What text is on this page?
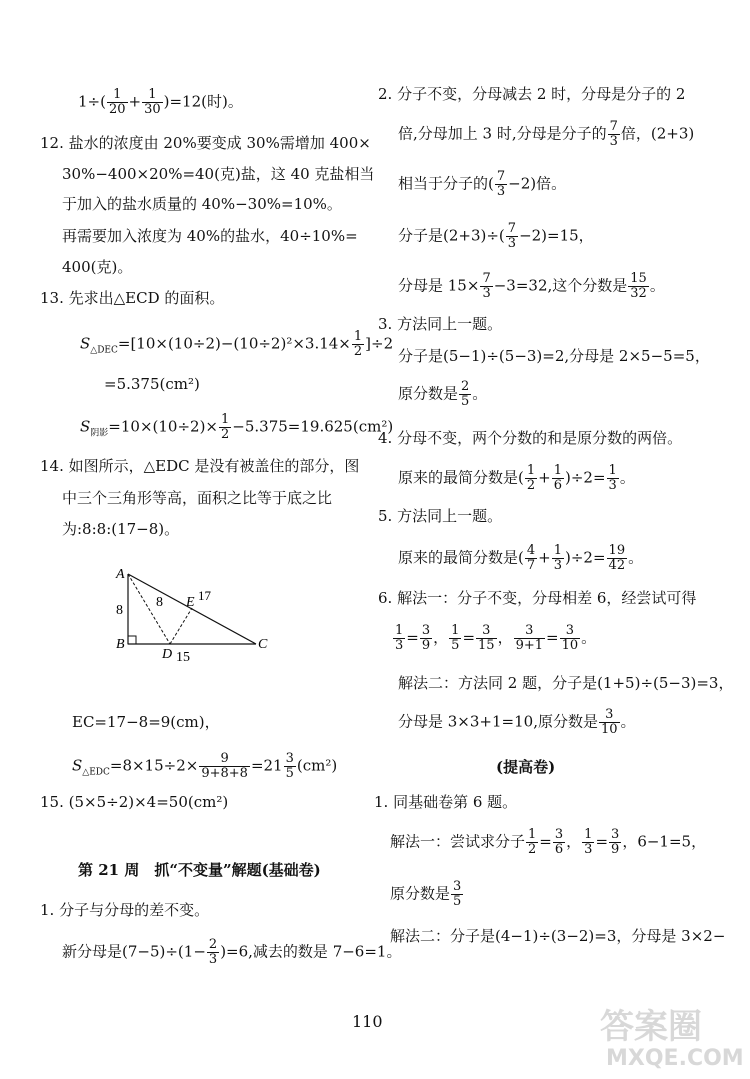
$1\div( \frac{1}{20} + \frac{1}{30} )=12$(时)。
12. 盐水的浓度由 20%要变成 30%需增加 400×
30%−400×20%=40(克)盐，这 40 克盐相当
于加入的盐水质量的 40%−30%=10%。
再需要加入浓度为 40%的盐水，40÷10%=
400(克)。
13. 先求出△ECD 的面积。
$S_{\triangle DEC}=[10\times(10\div 2)-(10\div 2)^2\times 3.14\times \frac{1}{2} ]\div 2$
=5.375(cm²)
$S_{阴影}=10\times(10\div 2)\times \frac{1}{2} -5.375=19.625(cm^2)$
14. 如图所示，△EDC 是没有被盖住的部分，图
中三个三角形等高，面积之比等于底之比
为:8:8:(17−8)。
A
B	C
D
E
8
8	17
15
EC=17−8=9(cm)，
$S_{\triangle EDC}=8\times 15\div 2\times \frac{9}{9+8+8} =21 \frac{3}{5} (cm^2)$
15. (5×5÷2)×4=50(cm²)
第 21 周　抓“不变量”解题(基础卷)
1. 分子与分母的差不变。
新分母是$(7-5)\div(1- \frac{2}{3} )=6$,减去的数是 7−6=1。
2. 分子不变，分母减去 2 时，分母是分子的 2
倍,分母加上 3 时,分母是分子的 $\frac{7}{3}$ 倍，(2+3)
相当于分子的( $\frac{7}{3} -2$)倍。
分子是$(2+3)\div( \frac{7}{3} -2)=15$，
分母是 $15\times \frac{7}{3} -3=32$,这个分数是 $\frac{15}{32}$ 。
3. 方法同上一题。
分子是(5−1)÷(5−3)=2,分母是 2×5−5=5，
原分数是 $\frac{2}{5}$ 。
4. 分母不变，两个分数的和是原分数的两倍。
原来的最简分数是( $\frac{1}{2} + \frac{1}{6} )\div 2= \frac{1}{3}$ 。
5. 方法同上一题。
原来的最简分数是( $\frac{4}{7} + \frac{1}{3} )\div 2= \frac{19}{42}$ 。
6. 解法一：分子不变，分母相差 6，经尝试可得
$\frac{1}{3} = \frac{3}{9}$ ， $\frac{1}{5} = \frac{3}{15}$ ， $\frac{3}{9+1} = \frac{3}{10}$ 。
解法二：方法同 2 题，分子是(1+5)÷(5−3)=3，
分母是 3×3+1=10,原分数是 $\frac{3}{10}$ 。
(提高卷)
1. 同基础卷第 6 题。
解法一：尝试求分子 $\frac{1}{2} = \frac{3}{6}$ ， $\frac{1}{3} = \frac{3}{9}$ ，6−1=5，
原分数是 $\frac{3}{5}$
解法二：分子是(4−1)÷(3−2)=3，分母是 3×2−
110	答案圈
MXQE.COM
